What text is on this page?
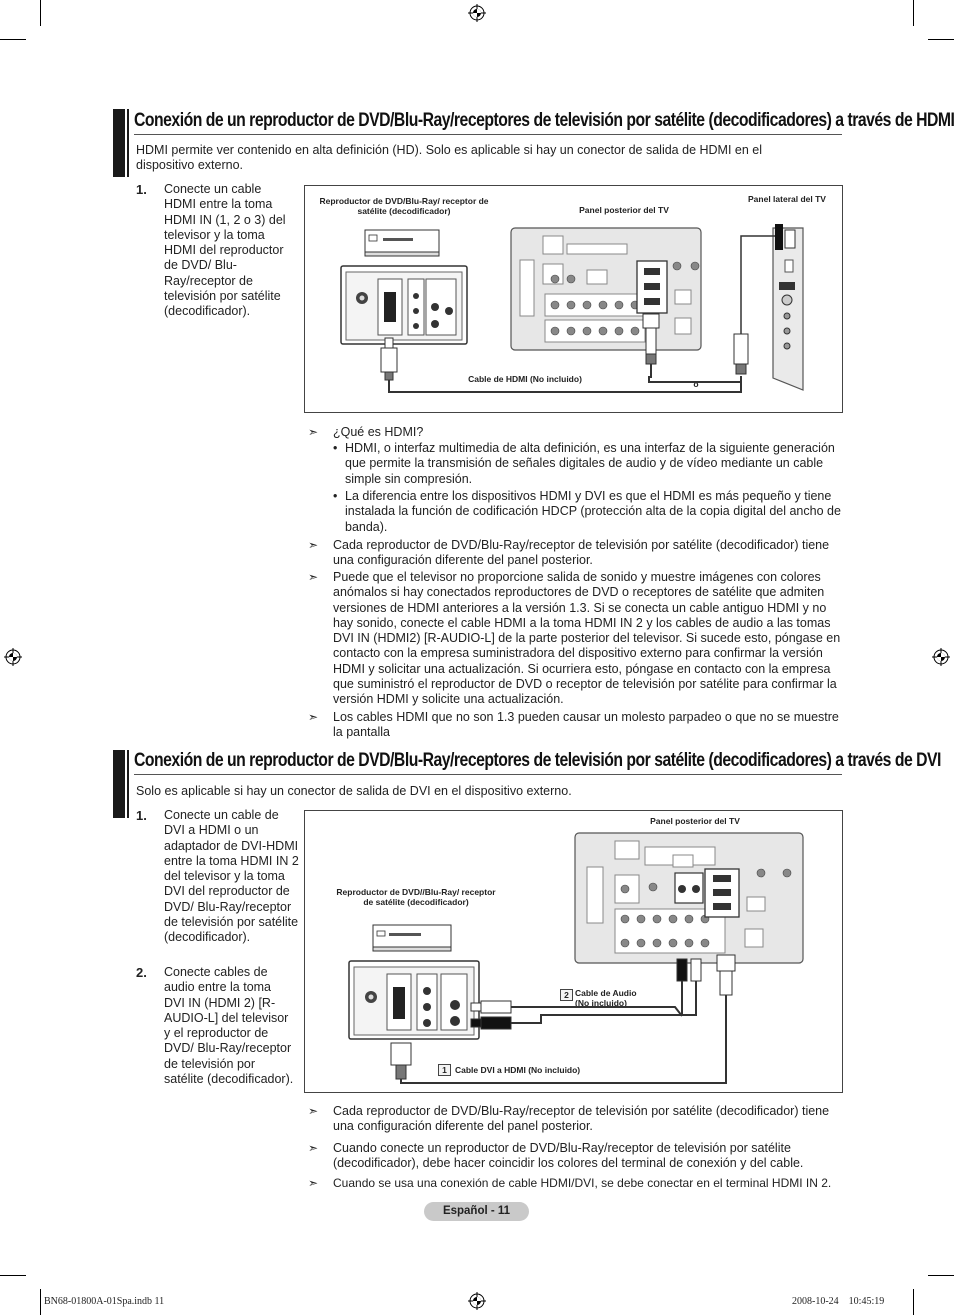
Conexión de un reproductor de DVD/Blu-Ray/receptores de televisión por satélite (decodificadores) a través de HDMI
HDMI permite ver contenido en alta definición (HD). Solo es aplicable si hay un conector de salida de HDMI en el dispositivo externo.
1. Conecte un cable HDMI entre la toma HDMI IN (1, 2 o 3) del televisor y la toma HDMI del reproductor de DVD/ Blu-Ray/receptor de televisión por satélite (decodificador).
Reproductor de DVD/Blu-Ray/ receptor de satélite (decodificador)	Panel posterior del TV
Panel lateral del TV
Cable de HDMI (No incluido)	o
➣ ¿Qué es HDMI?
• HDMI, o interfaz multimedia de alta definición, es una interfaz de la siguiente generación que permite la transmisión de señales digitales de audio y de vídeo mediante un cable simple sin compresión.
• La diferencia entre los dispositivos HDMI y DVI es que el HDMI es más pequeño y tiene instalada la función de codificación HDCP (protección alta de la copia digital del ancho de banda).
➣ Cada reproductor de DVD/Blu-Ray/receptor de televisión por satélite (decodificador) tiene una configuración diferente del panel posterior.
➣ Puede que el televisor no proporcione salida de sonido y muestre imágenes con colores anómalos si hay conectados reproductores de DVD o receptores de satélite que admiten versiones de HDMI anteriores a la versión 1.3. Si se conecta un cable antiguo HDMI y no hay sonido, conecte el cable HDMI a la toma HDMI IN 2 y los cables de audio a las tomas DVI IN (HDMI2) [R-AUDIO-L] de la parte posterior del televisor. Si sucede esto, póngase en contacto con la empresa suministradora del dispositivo externo para confirmar la versión HDMI y solicitar una actualización. Si ocurriera esto, póngase en contacto con la empresa que suministró el reproductor de DVD o receptor de televisión por satélite para confirmar la versión HDMI y solicite una actualización.
➣ Los cables HDMI que no son 1.3 pueden causar un molesto parpadeo o que no se muestre la pantalla
Conexión de un reproductor de DVD/Blu-Ray/receptores de televisión por satélite (decodificadores) a través de DVI
Solo es aplicable si hay un conector de salida de DVI en el dispositivo externo.
1. Conecte un cable de DVI a HDMI o un adaptador de DVI-HDMI entre la toma HDMI IN 2 del televisor y la toma DVI del reproductor de DVD/ Blu-Ray/receptor de televisión por satélite (decodificador).
2. Conecte cables de audio entre la toma DVI IN (HDMI 2) [R-AUDIO-L] del televisor y el reproductor de DVD/ Blu-Ray/receptor de televisión por satélite (decodificador).
Panel posterior del TV
Reproductor de DVD//Blu-Ray/ receptor de satélite (decodificador)
2 Cable de Audio (No incluido)
1 Cable DVI a HDMI (No incluido)
➣ Cada reproductor de DVD/Blu-Ray/receptor de televisión por satélite (decodificador) tiene una configuración diferente del panel posterior.
➣ Cuando conecte un reproductor de DVD/Blu-Ray/receptor de televisión por satélite (decodificador), debe hacer coincidir los colores del terminal de conexión y del cable.
➣ Cuando se usa una conexión de cable HDMI/DVI, se debe conectar en el terminal HDMI IN 2.
Español - 11
BN68-01800A-01Spa.indb 11	2008-10-24    10:45:19
